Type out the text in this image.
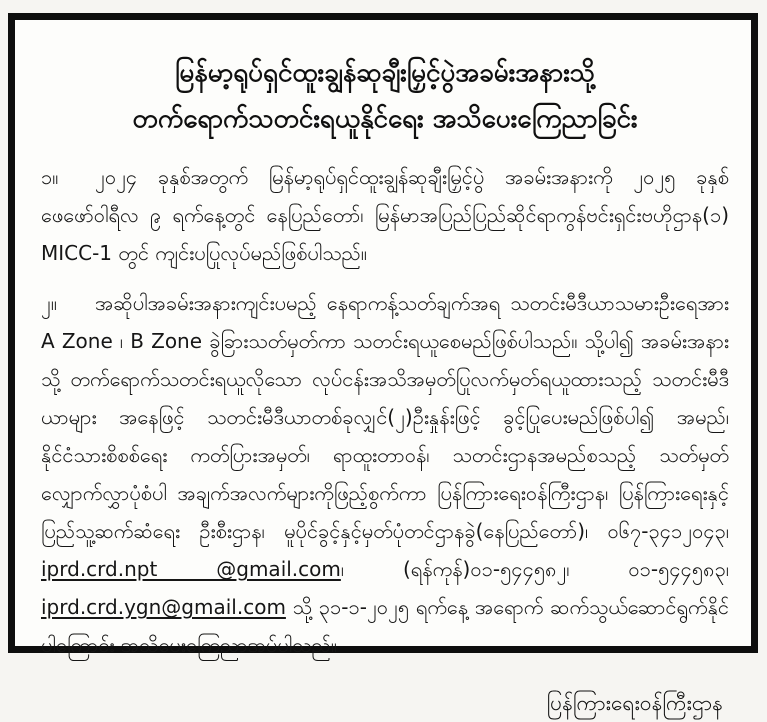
မြန်မာ့ရုပ်ရှင်ထူးချွန်ဆုချီးမြှင့်ပွဲအခမ်းအနားသို့
တက်ရောက်သတင်းရယူနိုင်ရေး အသိပေးကြေညာခြင်း

၁။ ၂၀၂၄ ခုနှစ်အတွက် မြန်မာ့ရုပ်ရှင်ထူးချွန်ဆုချီးမြှင့်ပွဲ အခမ်းအနားကို ၂၀၂၅ ခုနှစ် ဖေဖော်ဝါရီလ ၉ ရက်နေ့တွင် နေပြည်တော်၊ မြန်မာအပြည်ပြည်ဆိုင်ရာကွန်ဗင်းရှင်းဗဟိုဌာန(၁) MICC-1 တွင် ကျင်းပပြုလုပ်မည်ဖြစ်ပါသည်။

၂။ အဆိုပါအခမ်းအနားကျင်းပမည့် နေရာကန့်သတ်ချက်အရ သတင်းမီဒီယာသမားဦးရေအား A Zone ၊ B Zone ခွဲခြားသတ်မှတ်ကာ သတင်းရယူစေမည်ဖြစ်ပါသည်။ သို့ပါ၍ အခမ်းအနားသို့ တက်ရောက်သတင်းရယူလိုသော လုပ်ငန်းအသိအမှတ်ပြုလက်မှတ်ရယူထားသည့် သတင်းမီဒီယာများ အနေဖြင့် သတင်းမီဒီယာတစ်ခုလျှင်(၂)ဦးနှုန်းဖြင့် ခွင့်ပြုပေးမည်ဖြစ်ပါ၍ အမည်၊ နိုင်ငံသားစိစစ်ရေး ကတ်ပြားအမှတ်၊ ရာထူးတာဝန်၊ သတင်းဌာနအမည်စသည့် သတ်မှတ်လျှောက်လွှာပုံစံပါ အချက်အလက်များကိုဖြည့်စွက်ကာ ပြန်ကြားရေးဝန်ကြီးဌာန၊ ပြန်ကြားရေးနှင့်ပြည်သူ့ဆက်ဆံရေး ဦးစီးဌာန၊ မူပိုင်ခွင့်နှင့်မှတ်ပုံတင်ဌာနခွဲ(နေပြည်တော်)၊ ၀၆၇-၃၄၁၂၀၄၃၊ iprd.crd.npt @gmail.com၊ (ရန်ကုန်)၀၁-၅၄၄၅၈၂၊ ၀၁-၅၄၄၅၈၃၊ iprd.crd.ygn@gmail.com သို့ ၃၁-၁-၂၀၂၅ ရက်နေ့ အရောက် ဆက်သွယ်ဆောင်ရွက်နိုင်ပါကြောင်း အသိပေးကြေညာအပ်ပါသည်။

ပြန်ကြားရေးဝန်ကြီးဌာန
